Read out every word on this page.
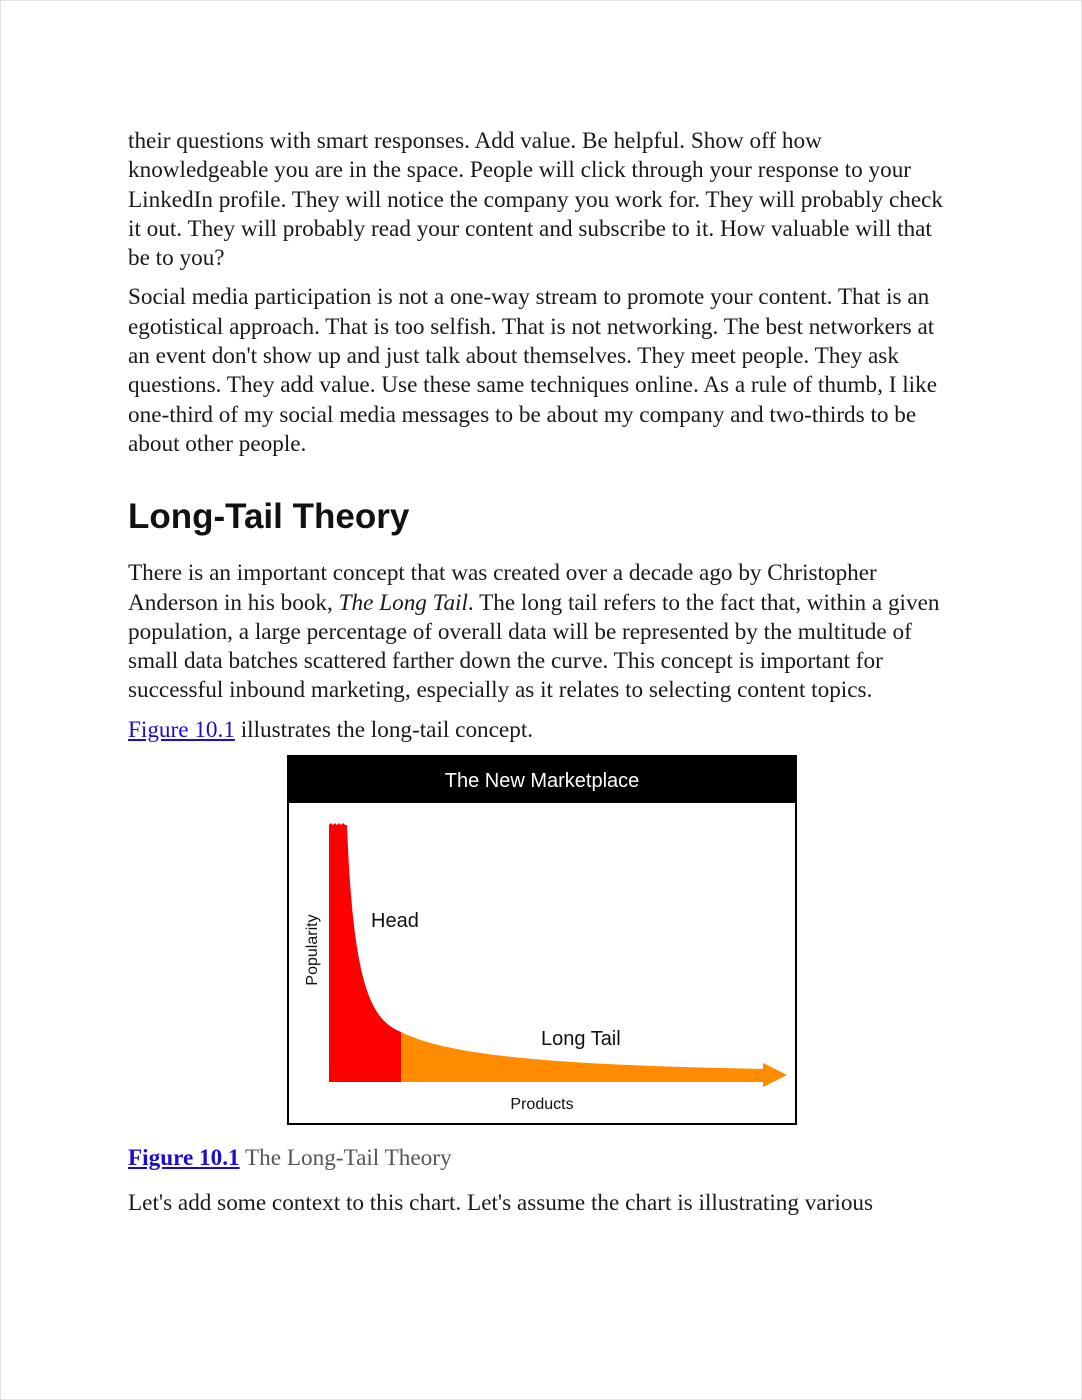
their questions with smart responses. Add value. Be helpful. Show off how knowledgeable you are in the space. People will click through your response to your LinkedIn profile. They will notice the company you work for. They will probably check it out. They will probably read your content and subscribe to it. How valuable will that be to you?

Social media participation is not a one-way stream to promote your content. That is an egotistical approach. That is too selfish. That is not networking. The best networkers at an event don't show up and just talk about themselves. They meet people. They ask questions. They add value. Use these same techniques online. As a rule of thumb, I like one-third of my social media messages to be about my company and two-thirds to be about other people.

Long-Tail Theory

There is an important concept that was created over a decade ago by Christopher Anderson in his book, The Long Tail. The long tail refers to the fact that, within a given population, a large percentage of overall data will be represented by the multitude of small data batches scattered farther down the curve. This concept is important for successful inbound marketing, especially as it relates to selecting content topics.

Figure 10.1 illustrates the long-tail concept.

The New Marketplace
Head
Long Tail
Products
Popularity

Figure 10.1 The Long-Tail Theory

Let's add some context to this chart. Let's assume the chart is illustrating various
